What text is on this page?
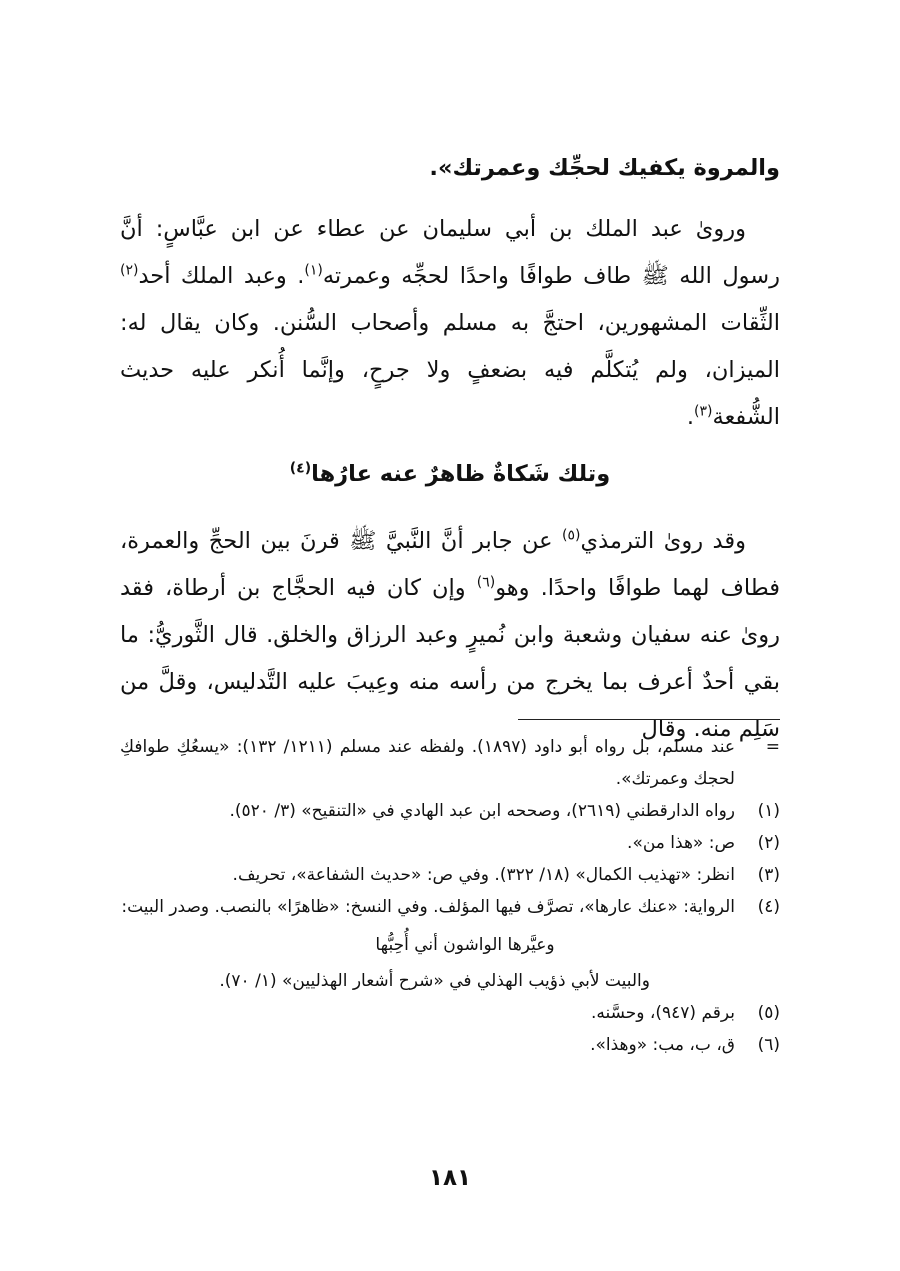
والمروة يكفيك لحجِّك وعمرتك».

وروىٰ عبد الملك بن أبي سليمان عن عطاء عن ابن عبَّاسٍ: أنَّ رسول الله ﷺ طاف طوافًا واحدًا لحجِّه وعمرته$^{(١)}$. وعبد الملك أحد$^{(٢)}$ الثِّقات المشهورين، احتجَّ به مسلم وأصحاب السُّنن. وكان يقال له: الميزان، ولم يُتكلَّم فيه بضعفٍ ولا جرحٍ، وإنَّما أُنكر عليه حديث الشُّفعة$^{(٣)}$.

وتلك شَكاةٌ ظاهرٌ عنه عارُها$^{(٤)}$

وقد روىٰ الترمذي$^{(٥)}$ عن جابر أنَّ النَّبيَّ ﷺ قرنَ بين الحجِّ والعمرة، فطاف لهما طوافًا واحدًا. وهو$^{(٦)}$ وإن كان فيه الحجَّاج بن أرطاة، فقد روىٰ عنه سفيان وشعبة وابن نُميرٍ وعبد الرزاق والخلق. قال الثَّوريُّ: ما بقي أحدٌ أعرف بما يخرج من رأسه منه وعِيبَ عليه التَّدليس، وقلَّ من سَلِم منه. وقال

=
عند مسلم، بل رواه أبو داود (١٨٩٧). ولفظه عند مسلم (١٢١١/ ١٣٢): «يسعُكِ طوافكِ لحجك وعمرتك».
(١)
رواه الدارقطني (٢٦١٩)، وصححه ابن عبد الهادي في «التنقيح» (٣/ ٥٢٠).
(٢)
ص: «هذا من».
(٣)
انظر: «تهذيب الكمال» (١٨/ ٣٢٢). وفي ص: «حديث الشفاعة»، تحريف.
(٤)
الرواية: «عنك عارها»، تصرَّف فيها المؤلف. وفي النسخ: «ظاهرًا» بالنصب. وصدر البيت:
وعيَّرها الواشون أني أُحِبُّها
والبيت لأبي ذؤيب الهذلي في «شرح أشعار الهذليين» (١/ ٧٠).
(٥)
برقم (٩٤٧)، وحسَّنه.
(٦)
ق، ب، مب: «وهذا».
١٨١
